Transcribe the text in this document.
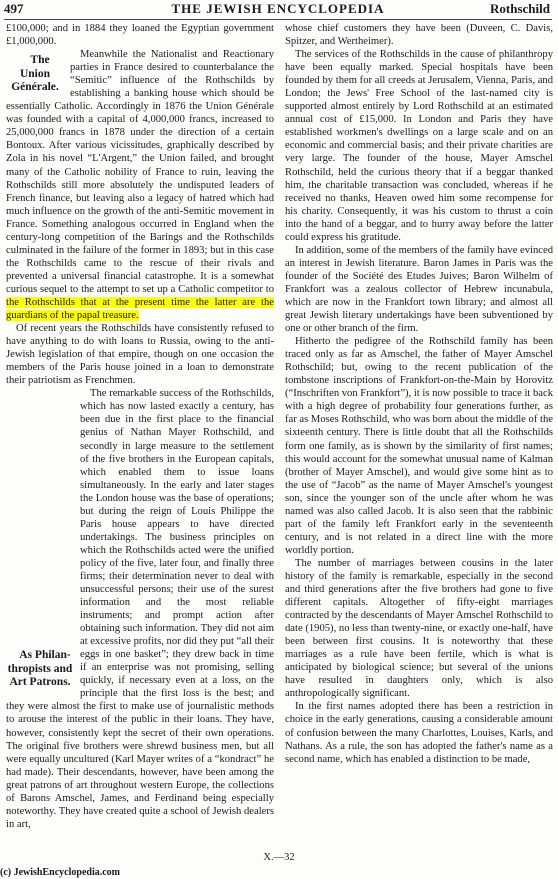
497	THE JEWISH ENCYCLOPEDIA	Rothschild

£100,000; and in 1884 they loaned the Egyptian government £1,000,000.

The Union Générale.
Meanwhile the Nationalist and Reactionary parties in France desired to counterbalance the “Semitic” influence of the Rothschilds by establishing a banking house which should be essentially Catholic. Accordingly in 1876 the Union Générale was founded with a capital of 4,000,000 francs, increased to 25,000,000 francs in 1878 under the direction of a certain Bontoux. After various vicissitudes, graphically described by Zola in his novel “L'Argent,” the Union failed, and brought many of the Catholic nobility of France to ruin, leaving the Rothschilds still more absolutely the undisputed leaders of French finance, but leaving also a legacy of hatred which had much influence on the growth of the anti-Semitic movement in France. Something analogous occurred in England when the century-long competition of the Barings and the Rothschilds culminated in the failure of the former in 1893; but in this case the Rothschilds came to the rescue of their rivals and prevented a universal financial catastrophe. It is a somewhat curious sequel to the attempt to set up a Catholic competitor to the Rothschilds that at the present time the latter are the guardians of the papal treasure.

Of recent years the Rothschilds have consistently refused to have anything to do with loans to Russia, owing to the anti-Jewish legislation of that empire, though on one occasion the members of the Paris house joined in a loan to demonstrate their patriotism as Frenchmen.

As Philan-thropists and Art Patrons.
The remarkable success of the Rothschilds, which has now lasted exactly a century, has been due in the first place to the financial genius of Nathan Mayer Rothschild, and secondly in large measure to the settlement of the five brothers in the European capitals, which enabled them to issue loans simultaneously. In the early and later stages the London house was the base of operations; but during the reign of Louis Philippe the Paris house appears to have directed undertakings. The business principles on which the Rothschilds acted were the unified policy of the five, later four, and finally three firms; their determination never to deal with unsuccessful persons; their use of the surest information and the most reliable instruments; and prompt action after obtaining such information. They did not aim at excessive profits, nor did they put “all their eggs in one basket”; they drew back in time if an enterprise was not promising, selling quickly, if necessary even at a loss, on the principle that the first loss is the best; and they were almost the first to make use of journalistic methods to arouse the interest of the public in their loans. They have, however, consistently kept the secret of their own operations. The original five brothers were shrewd business men, but all were equally uncultured (Karl Mayer writes of a “kondract” he had made). Their descendants, however, have been among the great patrons of art throughout western Europe, the collections of Barons Amschel, James, and Ferdinand being especially noteworthy. They have created quite a school of Jewish dealers in art,

whose chief customers they have been (Duveen, C. Davis, Spitzer, and Wertheimer).

The services of the Rothschilds in the cause of philanthropy have been equally marked. Special hospitals have been founded by them for all creeds at Jerusalem, Vienna, Paris, and London; the Jews' Free School of the last-named city is supported almost entirely by Lord Rothschild at an estimated annual cost of £15,000. In London and Paris they have established workmen's dwellings on a large scale and on an economic and commercial basis; and their private charities are very large. The founder of the house, Mayer Amschel Rothschild, held the curious theory that if a beggar thanked him, the charitable transaction was concluded, whereas if he received no thanks, Heaven owed him some recompense for his charity. Consequently, it was his custom to thrust a coin into the hand of a beggar, and to hurry away before the latter could express his gratitude.

In addition, some of the members of the family have evinced an interest in Jewish literature. Baron James in Paris was the founder of the Société des Etudes Juives; Baron Wilhelm of Frankfort was a zealous collector of Hebrew incunabula, which are now in the Frankfort town library; and almost all great Jewish literary undertakings have been subventioned by one or other branch of the firm.

Hitherto the pedigree of the Rothschild family has been traced only as far as Amschel, the father of Mayer Amschel Rothschild; but, owing to the recent publication of the tombstone inscriptions of Frankfort-on-the-Main by Horovitz (“Inschriften von Frankfort”), it is now possible to trace it back with a high degree of probability four generations further, as far as Moses Rothschild, who was born about the middle of the sixteenth century. There is little doubt that all the Rothschilds form one family, as is shown by the similarity of first names; this would account for the somewhat unusual name of Kalman (brother of Mayer Amschel), and would give some hint as to the use of “Jacob” as the name of Mayer Amschel's youngest son, since the younger son of the uncle after whom he was named was also called Jacob. It is also seen that the rabbinic part of the family left Frankfort early in the seventeenth century, and is not related in a direct line with the more worldly portion.

The number of marriages between cousins in the later history of the family is remarkable, especially in the second and third generations after the five brothers had gone to five different capitals. Altogether of fifty-eight marriages contracted by the descendants of Mayer Amschel Rothschild to date (1905), no less than twenty-nine, or exactly one-half, have been between first cousins. It is noteworthy that these marriages as a rule have been fertile, which is what is anticipated by biological science; but several of the unions have resulted in daughters only, which is also anthropologically significant.

In the first names adopted there has been a restriction in choice in the early generations, causing a considerable amount of confusion between the many Charlottes, Louises, Karls, and Nathans. As a rule, the son has adopted the father's name as a second name, which has enabled a distinction to be made,

X.—32
(c) JewishEncyclopedia.com
